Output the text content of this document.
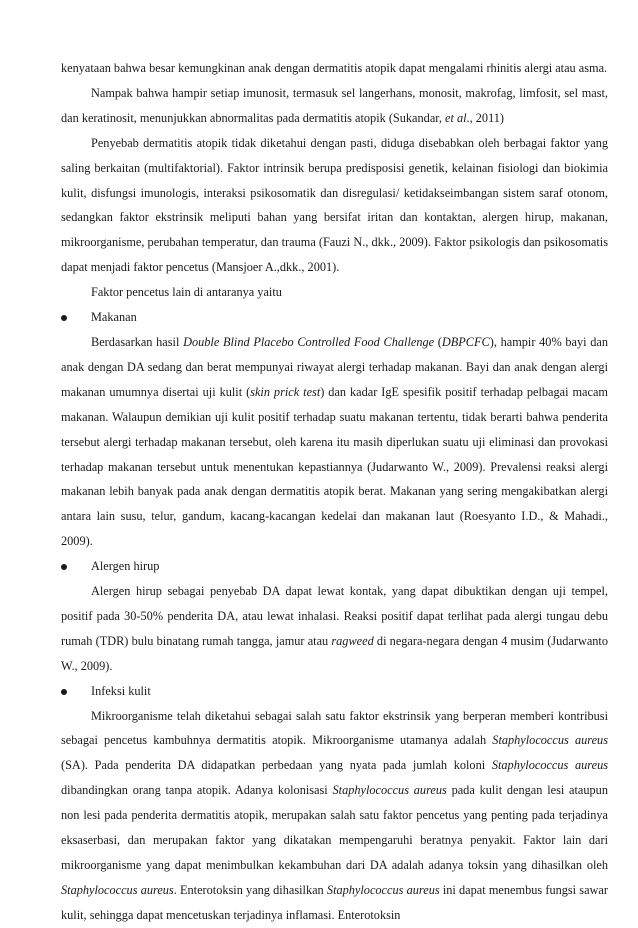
kenyataan bahwa besar kemungkinan anak dengan dermatitis atopik dapat mengalami rhinitis alergi atau asma.

Nampak bahwa hampir setiap imunosit, termasuk sel langerhans, monosit, makrofag, limfosit, sel mast, dan keratinosit, menunjukkan abnormalitas pada dermatitis atopik (Sukandar, et al., 2011)

Penyebab dermatitis atopik tidak diketahui dengan pasti, diduga disebabkan oleh berbagai faktor yang saling berkaitan (multifaktorial). Faktor intrinsik berupa predisposisi genetik, kelainan fisiologi dan biokimia kulit, disfungsi imunologis, interaksi psikosomatik dan disregulasi/ ketidakseimbangan sistem saraf otonom, sedangkan faktor ekstrinsik meliputi bahan yang bersifat iritan dan kontaktan, alergen hirup, makanan, mikroorganisme, perubahan temperatur, dan trauma (Fauzi N., dkk., 2009). Faktor psikologis dan psikosomatis dapat menjadi faktor pencetus (Mansjoer A.,dkk., 2001).

Faktor pencetus lain di antaranya yaitu

Makanan

Berdasarkan hasil Double Blind Placebo Controlled Food Challenge (DBPCFC), hampir 40% bayi dan anak dengan DA sedang dan berat mempunyai riwayat alergi terhadap makanan. Bayi dan anak dengan alergi makanan umumnya disertai uji kulit (skin prick test) dan kadar IgE spesifik positif terhadap pelbagai macam makanan. Walaupun demikian uji kulit positif terhadap suatu makanan tertentu, tidak berarti bahwa penderita tersebut alergi terhadap makanan tersebut, oleh karena itu masih diperlukan suatu uji eliminasi dan provokasi terhadap makanan tersebut untuk menentukan kepastiannya (Judarwanto W., 2009). Prevalensi reaksi alergi makanan lebih banyak pada anak dengan dermatitis atopik berat. Makanan yang sering mengakibatkan alergi antara lain susu, telur, gandum, kacang-kacangan kedelai dan makanan laut (Roesyanto I.D., & Mahadi., 2009).

Alergen hirup

Alergen hirup sebagai penyebab DA dapat lewat kontak, yang dapat dibuktikan dengan uji tempel, positif pada 30-50% penderita DA, atau lewat inhalasi. Reaksi positif dapat terlihat pada alergi tungau debu rumah (TDR) bulu binatang rumah tangga, jamur atau ragweed di negara-negara dengan 4 musim (Judarwanto W., 2009).

Infeksi kulit

Mikroorganisme telah diketahui sebagai salah satu faktor ekstrinsik yang berperan memberi kontribusi sebagai pencetus kambuhnya dermatitis atopik. Mikroorganisme utamanya adalah Staphylococcus aureus (SA). Pada penderita DA didapatkan perbedaan yang nyata pada jumlah koloni Staphylococcus aureus dibandingkan orang tanpa atopik. Adanya kolonisasi Staphylococcus aureus pada kulit dengan lesi ataupun non lesi pada penderita dermatitis atopik, merupakan salah satu faktor pencetus yang penting pada terjadinya eksaserbasi, dan merupakan faktor yang dikatakan mempengaruhi beratnya penyakit. Faktor lain dari mikroorganisme yang dapat menimbulkan kekambuhan dari DA adalah adanya toksin yang dihasilkan oleh Staphylococcus aureus. Enterotoksin yang dihasilkan Staphylococcus aureus ini dapat menembus fungsi sawar kulit, sehingga dapat mencetuskan terjadinya inflamasi. Enterotoksin
